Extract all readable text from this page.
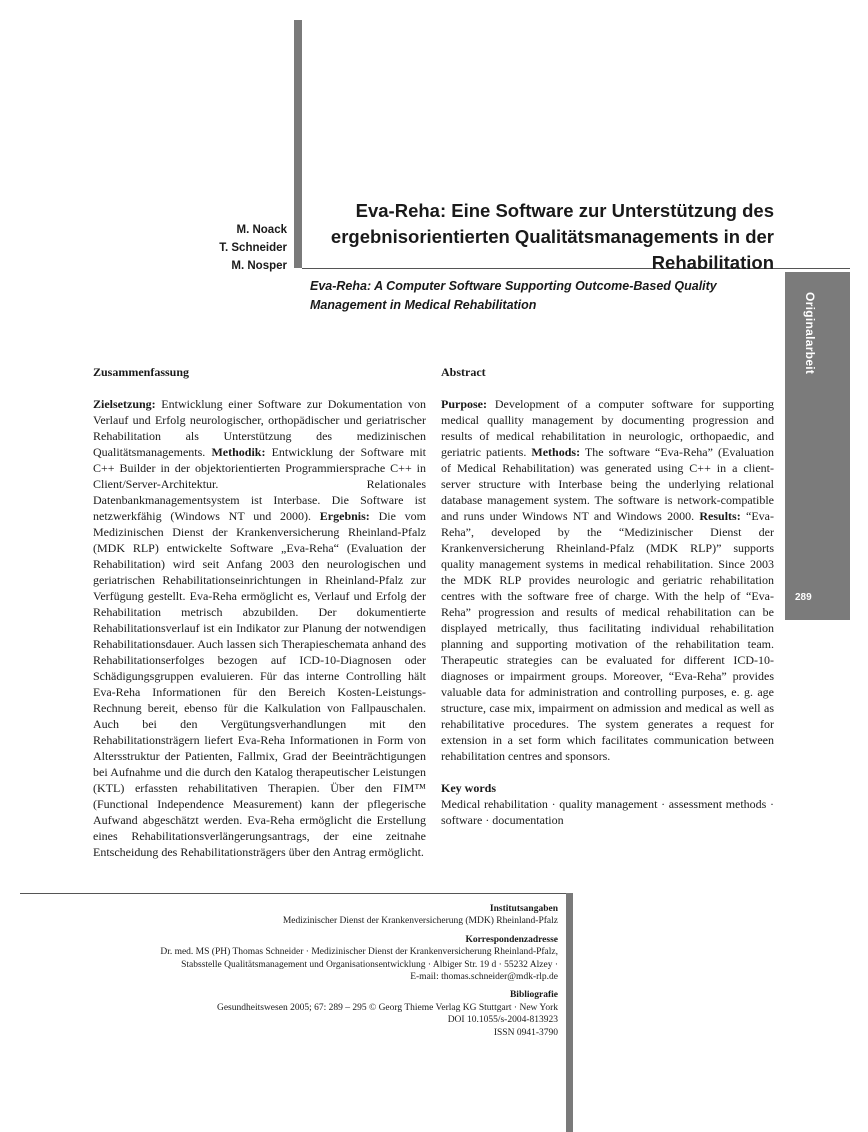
M. Noack
T. Schneider
M. Nosper
Eva-Reha: Eine Software zur Unterstützung des ergebnisorientierten Qualitätsmanagements in der Rehabilitation

Eva-Reha: A Computer Software Supporting Outcome-Based Quality Management in Medical Rehabilitation	Originalarbeit
289
Zusammenfassung

Zielsetzung: Entwicklung einer Software zur Dokumentation von Verlauf und Erfolg neurologischer, orthopädischer und geriatrischer Rehabilitation als Unterstützung des medizinischen Qualitätsmanagements. Methodik: Entwicklung der Software mit C++ Builder in der objektorientierten Programmiersprache C++ in Client/Server-Architektur. Relationales Datenbankmanagementsystem ist Interbase. Die Software ist netzwerkfähig (Windows NT und 2000). Ergebnis: Die vom Medizinischen Dienst der Krankenversicherung Rheinland-Pfalz (MDK RLP) entwickelte Software „Eva-Reha“ (Evaluation der Rehabilitation) wird seit Anfang 2003 den neurologischen und geriatrischen Rehabilitationseinrichtungen in Rheinland-Pfalz zur Verfügung gestellt. Eva-Reha ermöglicht es, Verlauf und Erfolg der Rehabilitation metrisch abzubilden. Der dokumentierte Rehabilitationsverlauf ist ein Indikator zur Planung der notwendigen Rehabilitationsdauer. Auch lassen sich Therapieschemata anhand des Rehabilitationserfolges bezogen auf ICD-10-Diagnosen oder Schädigungsgruppen evaluieren. Für das interne Controlling hält Eva-Reha Informationen für den Bereich Kosten-Leistungs-Rechnung bereit, ebenso für die Kalkulation von Fallpauschalen. Auch bei den Vergütungsverhandlungen mit den Rehabilitationsträgern liefert Eva-Reha Informationen in Form von Altersstruktur der Patienten, Fallmix, Grad der Beeinträchtigungen bei Aufnahme und die durch den Katalog therapeutischer Leistungen (KTL) erfassten rehabilitativen Therapien. Über den FIM™ (Functional Independence Measurement) kann der pflegerische Aufwand abgeschätzt werden. Eva-Reha ermöglicht die Erstellung eines Rehabilitationsverlängerungsantrags, der eine zeitnahe Entscheidung des Rehabilitationsträgers über den Antrag ermöglicht.

Abstract

Purpose: Development of a computer software for supporting medical quallity management by documenting progression and results of medical rehabilitation in neurologic, orthopaedic, and geriatric patients. Methods: The software “Eva-Reha” (Evaluation of Medical Rehabilitation) was generated using C++ in a client-server structure with Interbase being the underlying relational database management system. The software is network-compatible and runs under Windows NT and Windows 2000. Results: “Eva-Reha”, developed by the “Medizinischer Dienst der Krankenversicherung Rheinland-Pfalz (MDK RLP)” supports quality management systems in medical rehabilitation. Since 2003 the MDK RLP provides neurologic and geriatric rehabilitation centres with the software free of charge. With the help of “Eva-Reha” progression and results of medical rehabilitation can be displayed metrically, thus facilitating individual rehabilitation planning and supporting motivation of the rehabilitation team. Therapeutic strategies can be evaluated for different ICD-10-diagnoses or impairment groups. Moreover, “Eva-Reha” provides valuable data for administration and controlling purposes, e. g. age structure, case mix, impairment on admission and medical as well as rehabilitative procedures. The system generates a request for extension in a set form which facilitates communication between rehabilitation centres and sponsors.

Key words

Medical rehabilitation · quality management · assessment methods · software · documentation

Institutsangaben
Medizinischer Dienst der Krankenversicherung (MDK) Rheinland-Pfalz
Korrespondenzadresse
Dr. med. MS (PH) Thomas Schneider · Medizinischer Dienst der Krankenversicherung Rheinland-Pfalz,
Stabsstelle Qualitätsmanagement und Organisationsentwicklung · Albiger Str. 19 d · 55232 Alzey ·
E-mail: thomas.schneider@mdk-rlp.de
Bibliografie
Gesundheitswesen 2005; 67: 289 – 295 © Georg Thieme Verlag KG Stuttgart · New York
DOI 10.1055/s-2004-813923
ISSN 0941-3790
